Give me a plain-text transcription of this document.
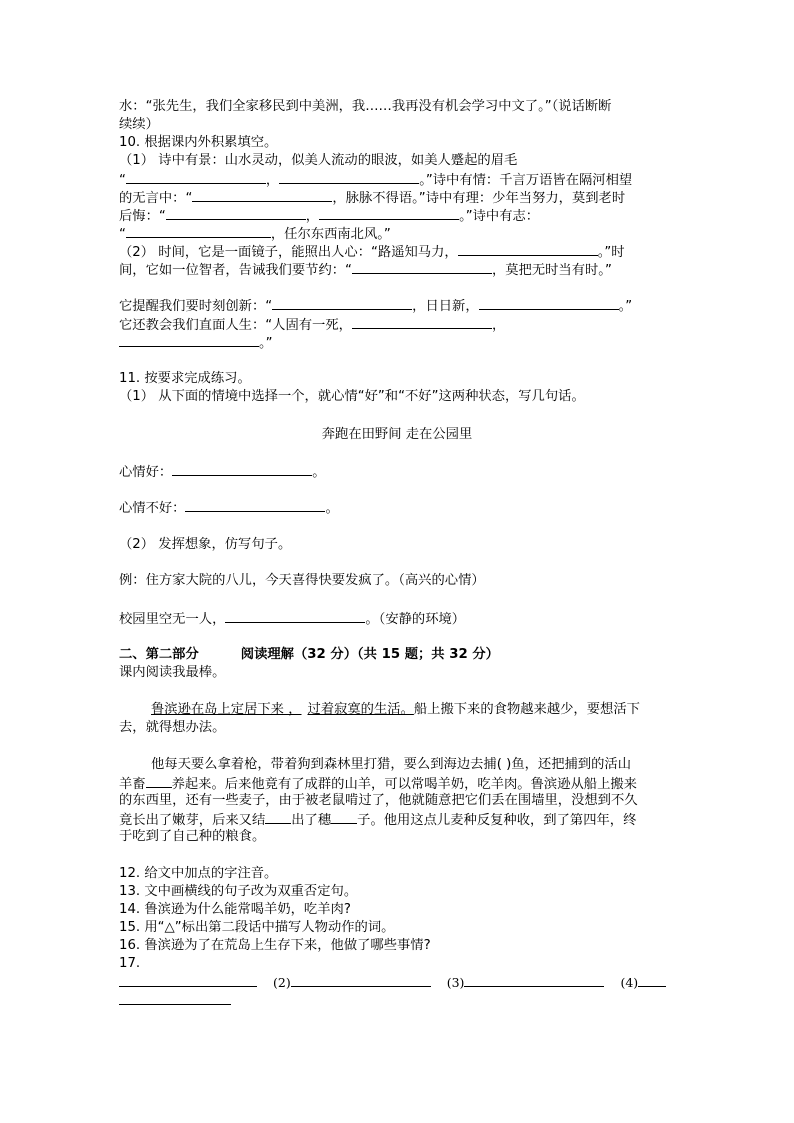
水：“张先生，我们全家移民到中美洲，我……我再没有机会学习中文了。”（说话断断
续续）
10. 根据课内外积累填空。
（1） 诗中有景：山水灵动，似美人流动的眼波，如美人蹙起的眉毛
“	，	。”诗中有情：千言万语皆在隔河相望
的无言中：“	，脉脉不得语。”诗中有理：少年当努力，莫到老时
后悔：“	，	。”诗中有志：
“	，任尔东西南北风。”
（2） 时间，它是一面镜子，能照出人心：“路遥知马力，	。”时
间，它如一位智者，告诫我们要节约：“	，莫把无时当有时。”
它提醒我们要时刻创新：“	，日日新，	。”
它还教会我们直面人生：“人固有一死，	，
。”
11. 按要求完成练习。
（1） 从下面的情境中选择一个，就心情“好”和“不好”这两种状态，写几句话。
奔跑在田野间 走在公园里
心情好：	。
心情不好：	。
（2） 发挥想象，仿写句子。
例：住方家大院的八儿，今天喜得快要发疯了。（高兴的心情）
校园里空无一人，	。（安静的环境）
二、第二部分	阅读理解（32 分）（共 15 题；共 32 分）
课内阅读我最棒。
鲁滨逊在岛上定居下来 ， 过着寂寞的生活。船上搬下来的食物越来越少，要想活下
去，就得想办法。
他每天要么拿着枪，带着狗到森林里打猎，要么到海边去捕( )鱼，还把捕到的活山
羊畜 养起来。后来他竟有了成群的山羊，可以常喝羊奶，吃羊肉。鲁滨逊从船上搬来
的东西里，还有一些麦子，由于被老鼠啃过了，他就随意把它们丢在围墙里，没想到不久
竟长出了嫩芽，后来又结 出了穗 子。他用这点儿麦种反复种收，到了第四年，终
于吃到了自己种的粮食。
12. 给文中加点的字注音。
13. 文中画横线的句子改为双重否定句。
14. 鲁滨逊为什么能常喝羊奶，吃羊肉?
15. 用“△”标出第二段话中描写人物动作的词。
16. 鲁滨逊为了在荒岛上生存下来，他做了哪些事情?
17.
(2)	(3)	(4)
